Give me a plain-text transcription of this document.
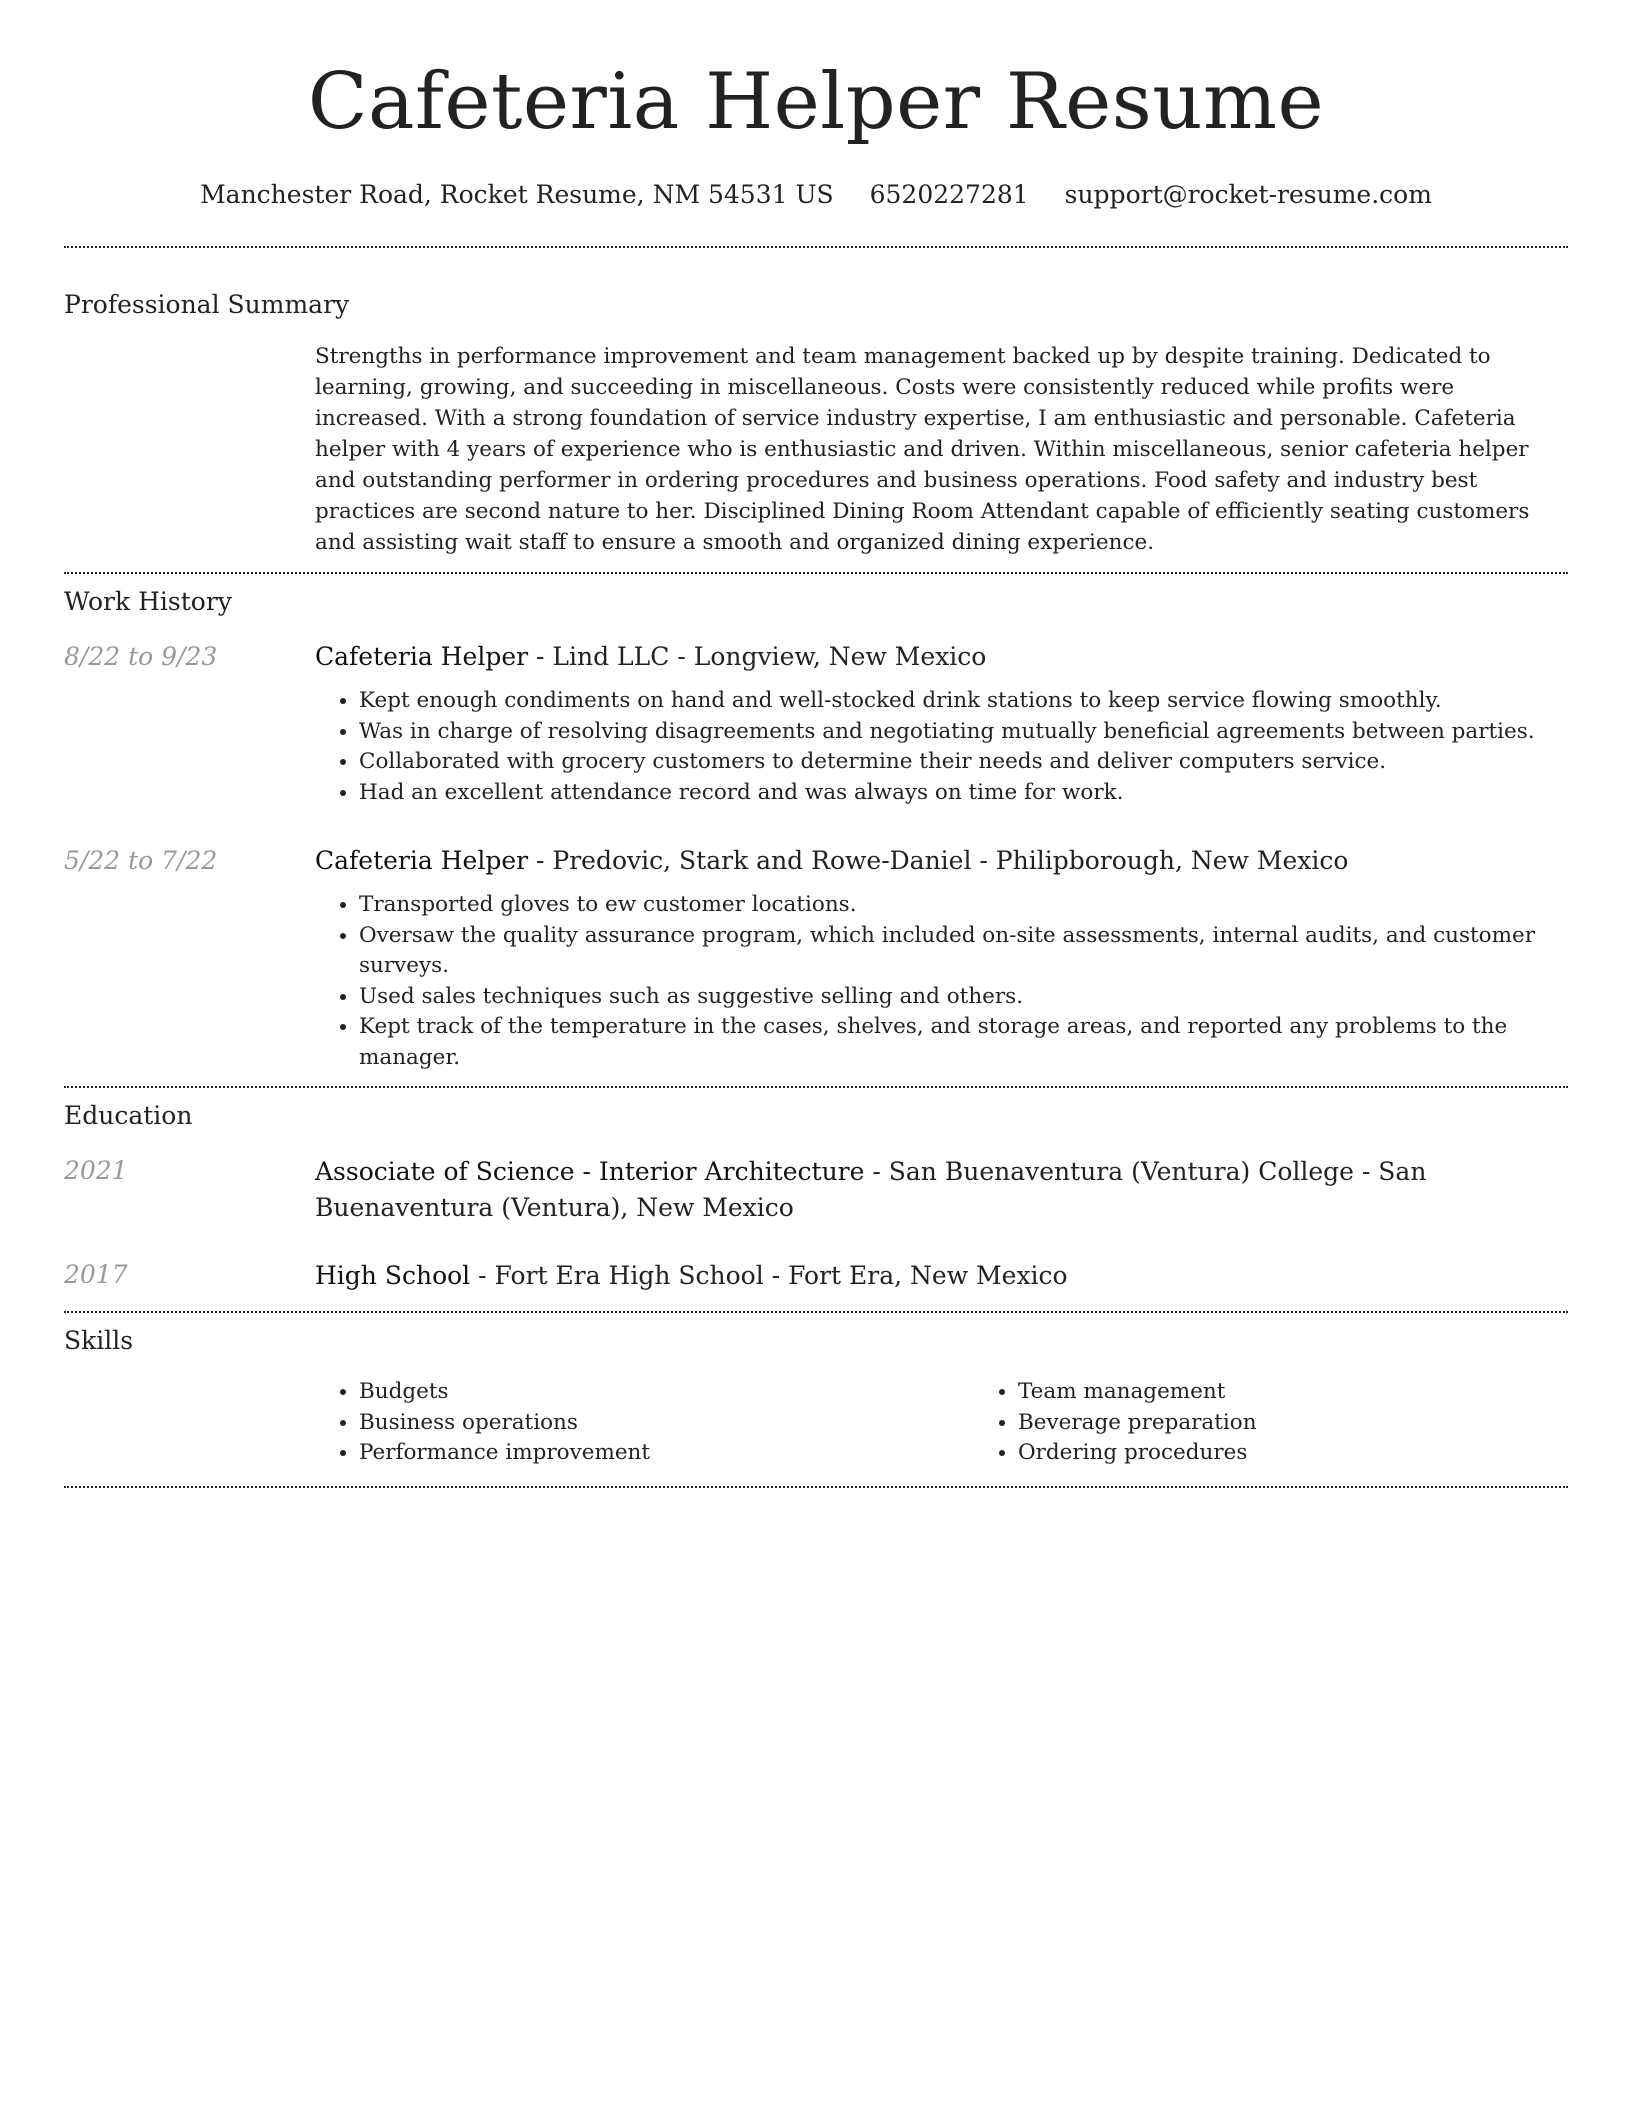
Cafeteria Helper Resume
Manchester Road, Rocket Resume, NM 54531 US 6520227281 support@rocket-resume.com
Professional Summary

Strengths in performance improvement and team management backed up by despite training. Dedicated to learning, growing, and succeeding in miscellaneous. Costs were consistently reduced while profits were increased. With a strong foundation of service industry expertise, I am enthusiastic and personable. Cafeteria helper with 4 years of experience who is enthusiastic and driven. Within miscellaneous, senior cafeteria helper and outstanding performer in ordering procedures and business operations. Food safety and industry best practices are second nature to her. Disciplined Dining Room Attendant capable of efficiently seating customers and assisting wait staff to ensure a smooth and organized dining experience.

Work History
8/22 to 9/23	Cafeteria Helper - Lind LLC - Longview, New Mexico
• Kept enough condiments on hand and well-stocked drink stations to keep service flowing smoothly.
• Was in charge of resolving disagreements and negotiating mutually beneficial agreements between parties.
• Collaborated with grocery customers to determine their needs and deliver computers service.
• Had an excellent attendance record and was always on time for work.
5/22 to 7/22	Cafeteria Helper - Predovic, Stark and Rowe-Daniel - Philipborough, New Mexico
• Transported gloves to ew customer locations.
• Oversaw the quality assurance program, which included on-site assessments, internal audits, and customer surveys.
• Used sales techniques such as suggestive selling and others.
• Kept track of the temperature in the cases, shelves, and storage areas, and reported any problems to the manager.
Education
2021	Associate of Science - Interior Architecture - San Buenaventura (Ventura) College - San Buenaventura (Ventura), New Mexico
2017	High School - Fort Era High School - Fort Era, New Mexico
Skills
• Budgets
• Business operations
• Performance improvement
• Team management
• Beverage preparation
• Ordering procedures
